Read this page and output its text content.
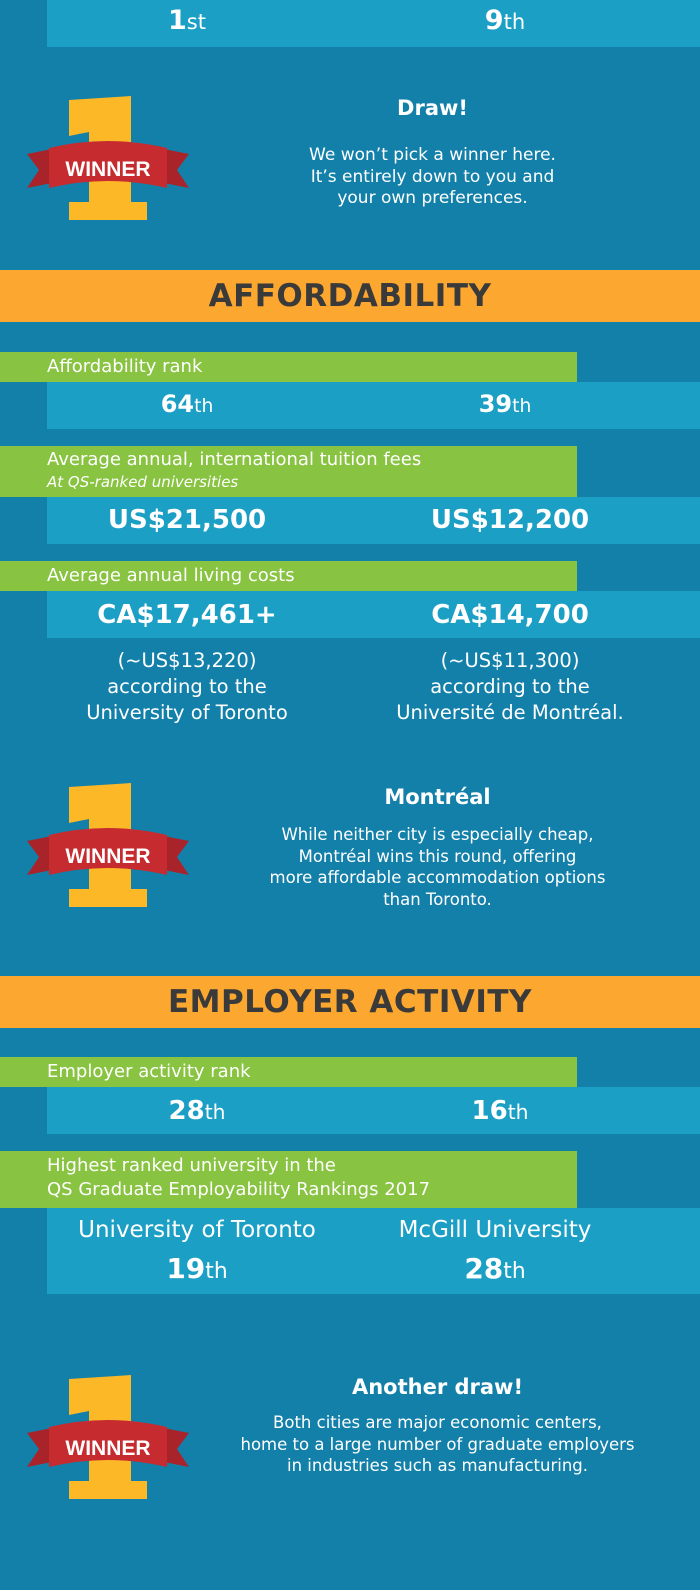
1st	9th
WINNER
Draw!
We won’t pick a winner here.
It’s entirely down to you and
your own preferences.
AFFORDABILITY
Affordability rank
64th	39th
Average annual, international tuition fees
At QS-ranked universities
US$21,500	US$12,200
Average annual living costs
CA$17,461+	CA$14,700
(~US$13,220)
according to the
University of Toronto
(~US$11,300)
according to the
Université de Montréal.
WINNER
Montréal
While neither city is especially cheap,
Montréal wins this round, offering
more affordable accommodation options
than Toronto.
EMPLOYER ACTIVITY
Employer activity rank
28th	16th
Highest ranked university in the
QS Graduate Employability Rankings 2017
University of Toronto	McGill University
19th	28th
WINNER
Another draw!
Both cities are major economic centers,
home to a large number of graduate employers
in industries such as manufacturing.
